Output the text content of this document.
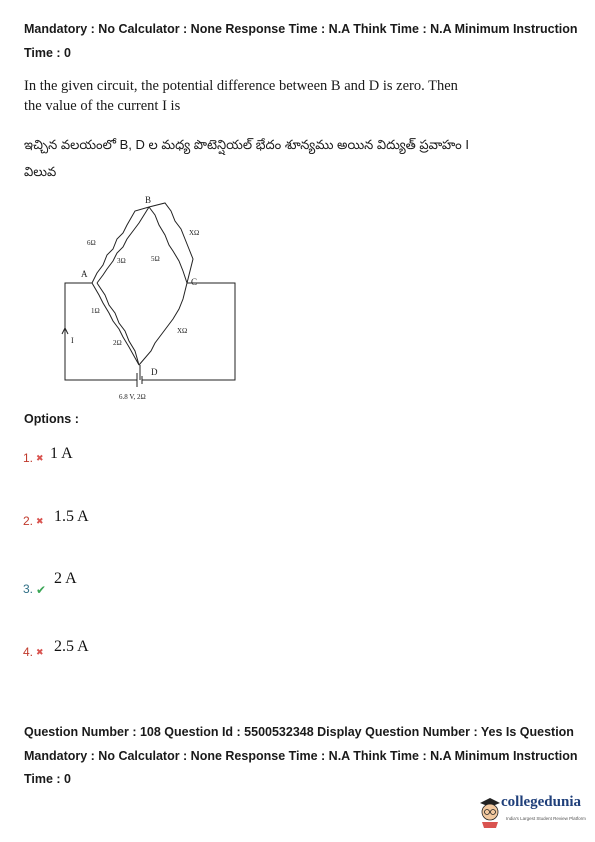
Mandatory : No Calculator : None Response Time : N.A Think Time : N.A Minimum Instruction Time : 0
In the given circuit, the potential difference between B and D is zero. Then the value of the current I is
ఇచ్చిన వలయంలో B, D ల మధ్య పొటెన్షియల్ భేదం శూన్యము అయిన విద్యుత్ ప్రవాహం I విలువ
A
B
C
D
6Ω
3Ω	5Ω
XΩ
1Ω
2Ω
XΩ
I
6.8 V, 2Ω
Options :
1. ✖ 1 A
2. ✖ 1.5 A
3. ✔
2 A
4. ✖ 2.5 A
Question Number : 108 Question Id : 5500532348 Display Question Number : Yes Is Question Mandatory : No Calculator : None Response Time : N.A Think Time : N.A Minimum Instruction Time : 0
collegedunia
India's Largest Student Review Platform
